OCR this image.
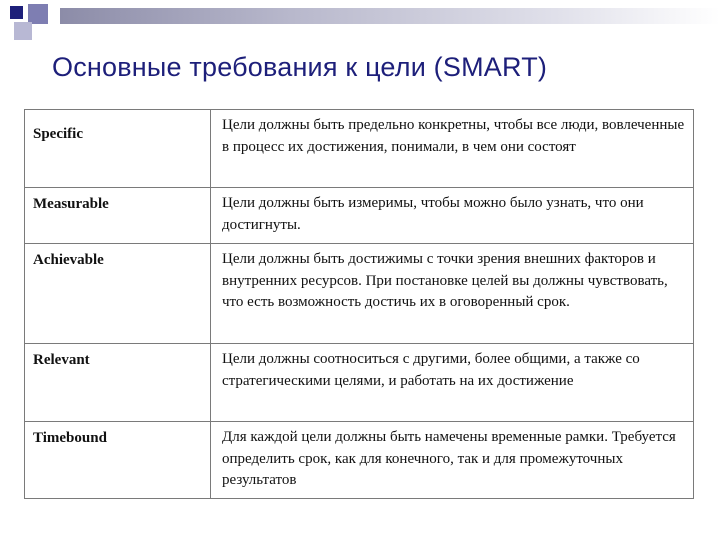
Основные требования к цели (SMART)
Specific	Цели должны быть предельно конкретны, чтобы все люди, вовлеченные в процесс их достижения, понимали, в чем они состоят
Measurable	Цели должны быть измеримы, чтобы можно было узнать, что они достигнуты.
Achievable	Цели должны быть достижимы с точки зрения внешних факторов и внутренних ресурсов. При постановке целей вы должны чувствовать, что есть возможность достичь их в оговоренный срок.
Relevant	Цели должны соотноситься с другими, более общими, а также со стратегическими целями, и работать на их достижение
Timebound	Для каждой цели должны быть намечены временные рамки. Требуется определить срок, как для конечного, так и для промежуточных результатов
